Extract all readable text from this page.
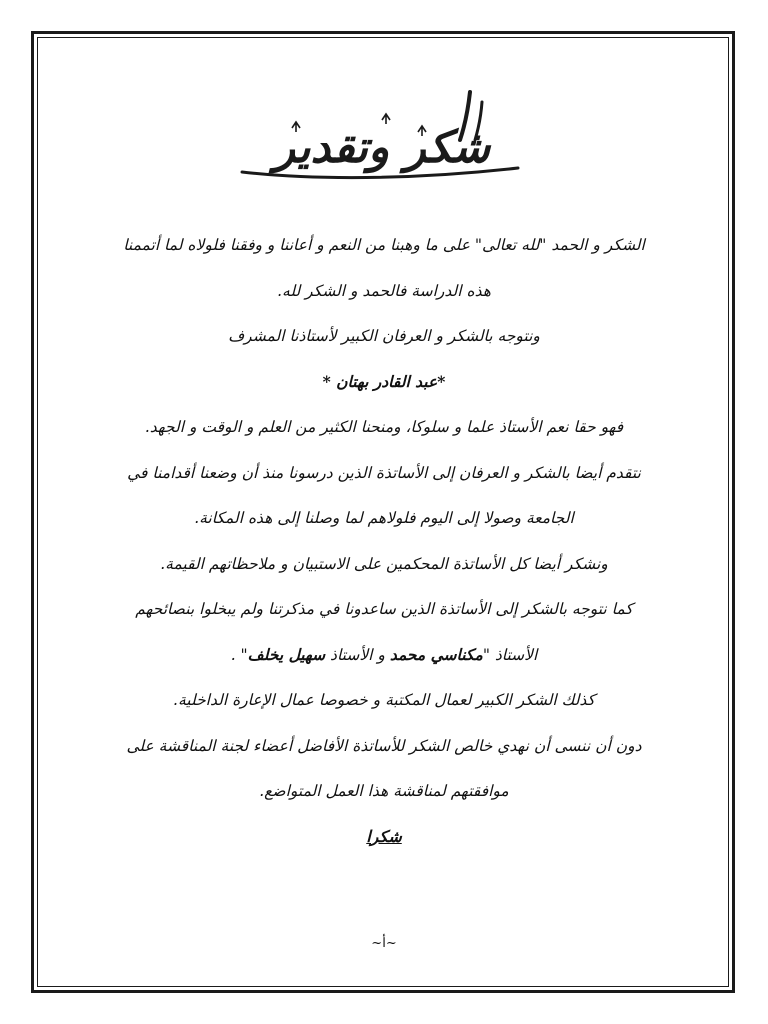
شكر وتقدير
الشكر و الحمد "لله تعالى" على ما وهبنا من النعم و أعاننا و وفقنا فلولاه لما أتممنا
هذه الدراسة فالحمد و الشكر لله.
ونتوجه بالشكر و العرفان الكبير لأستاذنا المشرف
*عبد القادر بهتان *
فهو حقا نعم الأستاذ علما و سلوكا، ومنحنا الكثير من العلم و الوقت و الجهد.
نتقدم أيضا بالشكر و العرفان إلى الأساتذة الذين درسونا منذ أن وضعنا أقدامنا في
الجامعة وصولا إلى اليوم فلولاهم لما وصلنا إلى هذه المكانة.
ونشكر أيضا كل الأساتذة المحكمين على الاستبيان و ملاحظاتهم القيمة.
كما نتوجه بالشكر إلى الأساتذة الذين ساعدونا في مذكرتنا ولم يبخلوا بنصائحهم
الأستاذ "مكناسي محمد و الأستاذ سهيل يخلف" .
كذلك الشكر الكبير لعمال المكتبة و خصوصا عمال الإعارة الداخلية.
دون أن ننسى أن نهدي خالص الشكر للأساتذة الأفاضل أعضاء لجنة المناقشة على
موافقتهم لمناقشة هذا العمل المتواضع.
شكرا
~أ~
